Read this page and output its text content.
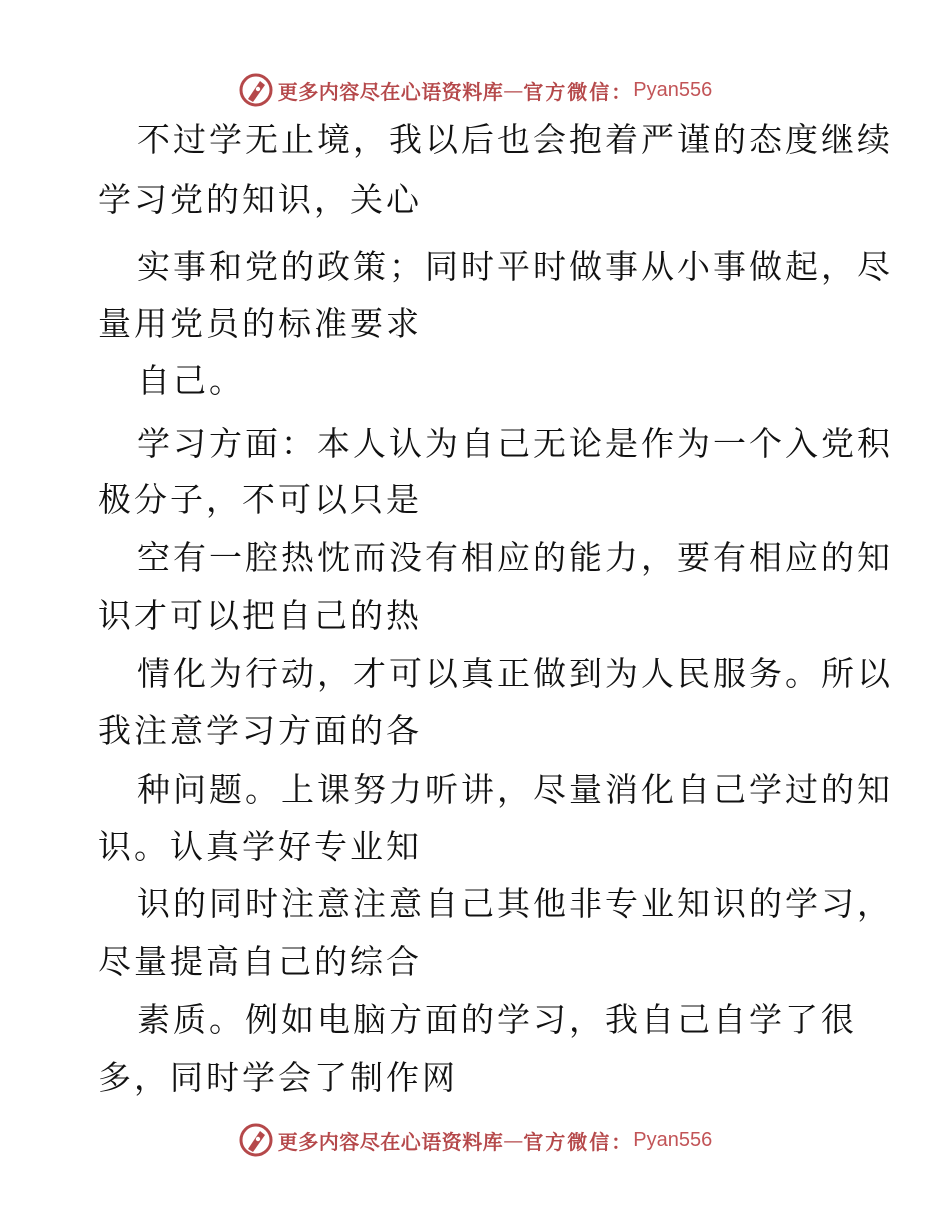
更多内容尽在心语资料库 — 官方微信： Pyan556
不过学无止境，我以后也会抱着严谨的态度继续
学习党的知识，关心
实事和党的政策；同时平时做事从小事做起，尽
量用党员的标准要求
自己。
学习方面：本人认为自己无论是作为一个入党积
极分子，不可以只是
空有一腔热忱而没有相应的能力，要有相应的知
识才可以把自己的热
情化为行动，才可以真正做到为人民服务。所以
我注意学习方面的各
种问题。上课努力听讲，尽量消化自己学过的知
识。认真学好专业知
识的同时注意注意自己其他非专业知识的学习，
尽量提高自己的综合
素质。例如电脑方面的学习，我自己自学了很
多，同时学会了制作网
更多内容尽在心语资料库 — 官方微信： Pyan556
